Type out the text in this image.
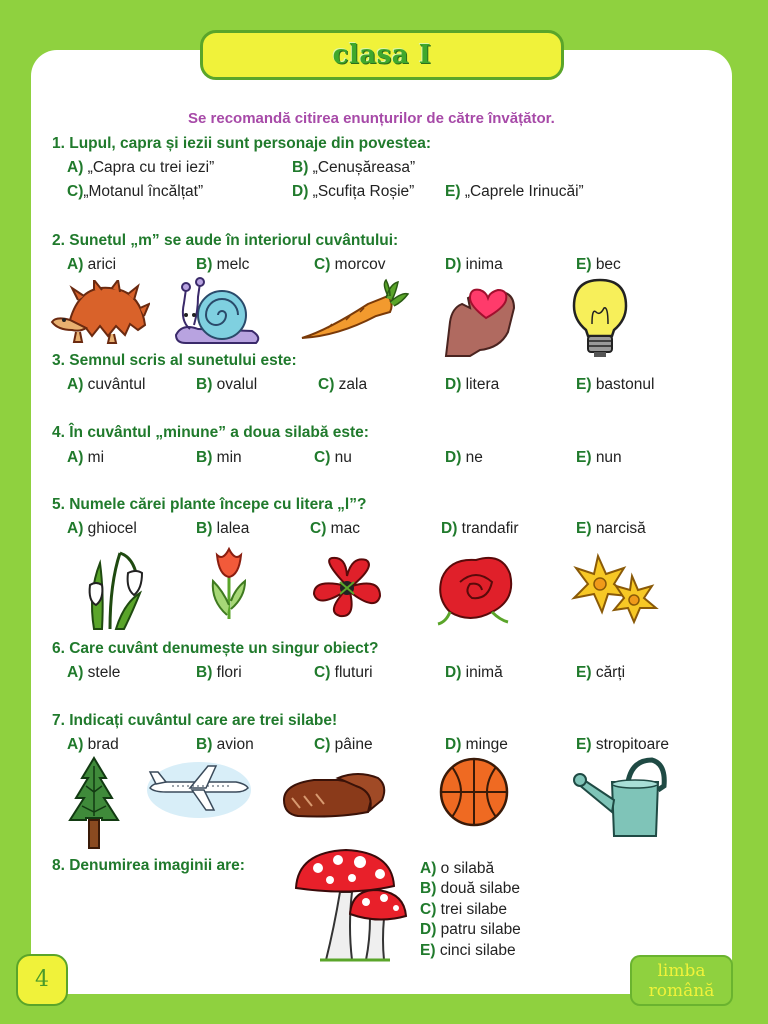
clasa I
Se recomandă citirea enunțurilor de către învățător.
1. Lupul, capra și iezii sunt personaje din povestea:
A) „Capra cu trei iezi”	B) „Cenușăreasa”
C)„Motanul încălțat”	D) „Scufița Roșie” E) „Caprele Irinucăi”
2. Sunetul „m” se aude în interiorul cuvântului:
A) arici	B) melc	C) morcov	D) inima	E) bec
3. Semnul scris al sunetului este:
A) cuvântul	B) ovalul	C) zala	D) litera	E) bastonul
4. În cuvântul „minune” a doua silabă este:
A) mi	B) min	C) nu	D) ne	E) nun
5. Numele cărei plante începe cu litera „l”?
A) ghiocel	B) lalea	C) mac	D) trandafir	E) narcisă
6. Care cuvânt denumește un singur obiect?
A) stele	B) flori	C) fluturi	D) inimă	E) cărți
7. Indicați cuvântul care are trei silabe!
A) brad	B) avion	C) pâine	D) minge	E) stropitoare
8. Denumirea imaginii are:	A) o silabă
B) două silabe
C) trei silabe
D) patru silabe
E) cinci silabe
4	limba
română
